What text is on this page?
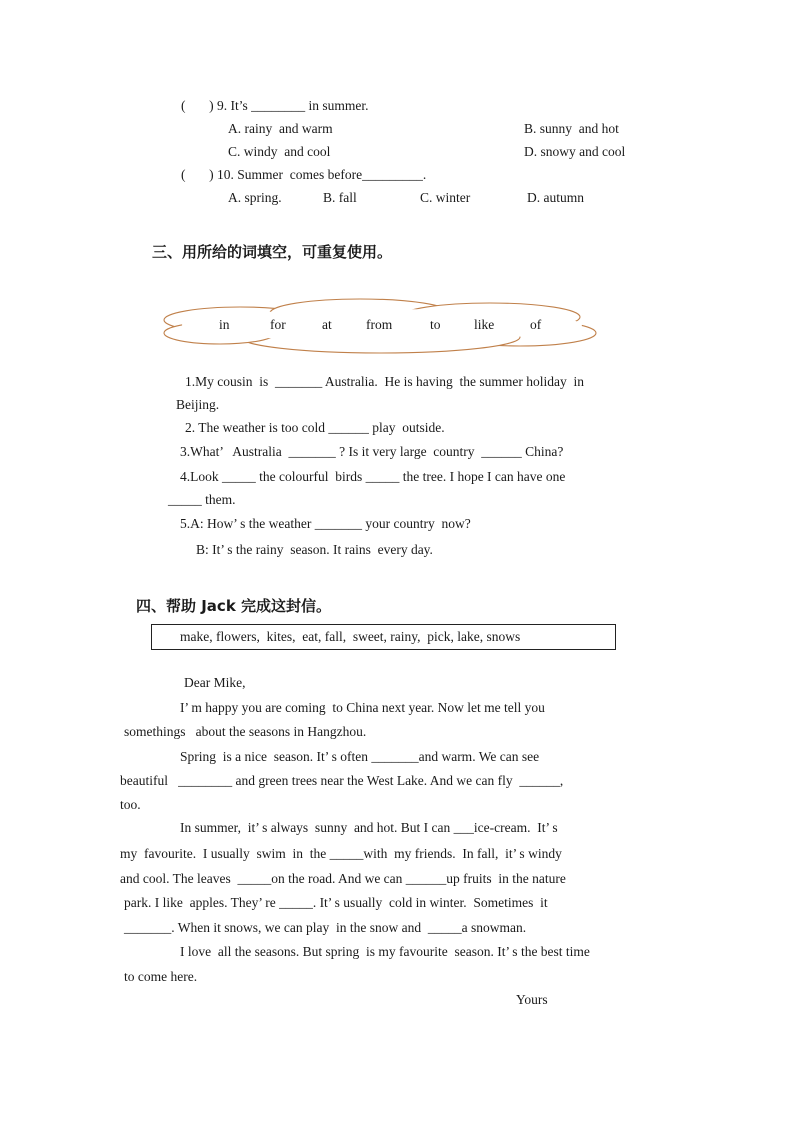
(       ) 9. It’s ________ in summer.
A. rainy  and warm	B. sunny  and hot
C. windy  and cool	D. snowy and cool
(       ) 10. Summer  comes before_________.
A. spring.	B. fall	C. winter	D. autumn
三、用所给的词填空，可重复使用。
in	for	at	from	to like	of
1.My cousin  is  _______ Australia.  He is having  the summer holiday  in
Beijing.
2. The weather is too cold ______ play  outside.
3.What’   Australia  _______ ? Is it very large  country  ______ China?
4.Look _____ the colourful  birds _____ the tree. I hope I can have one
_____ them.
5.A: How’ s the weather _______ your country  now?
B: It’ s the rainy  season. It rains  every day.
四、帮助 Jack 完成这封信。
make, flowers,  kites,  eat, fall,  sweet, rainy,  pick, lake, snows
Dear Mike,
I’ m happy you are coming  to China next year. Now let me tell you
somethings   about the seasons in Hangzhou.
Spring  is a nice  season. It’ s often _______and warm. We can see
beautiful   ________ and green trees near the West Lake. And we can fly  ______,
too.
In summer,  it’ s always  sunny  and hot. But I can ___ice-cream.  It’ s
my  favourite.  I usually  swim  in  the _____with  my friends.  In fall,  it’ s windy
and cool. The leaves  _____on the road. And we can ______up fruits  in the nature
park. I like  apples. They’ re _____. It’ s usually  cold in winter.  Sometimes  it
_______. When it snows, we can play  in the snow and  _____a snowman.
I love  all the seasons. But spring  is my favourite  season. It’ s the best time
to come here.
Yours
